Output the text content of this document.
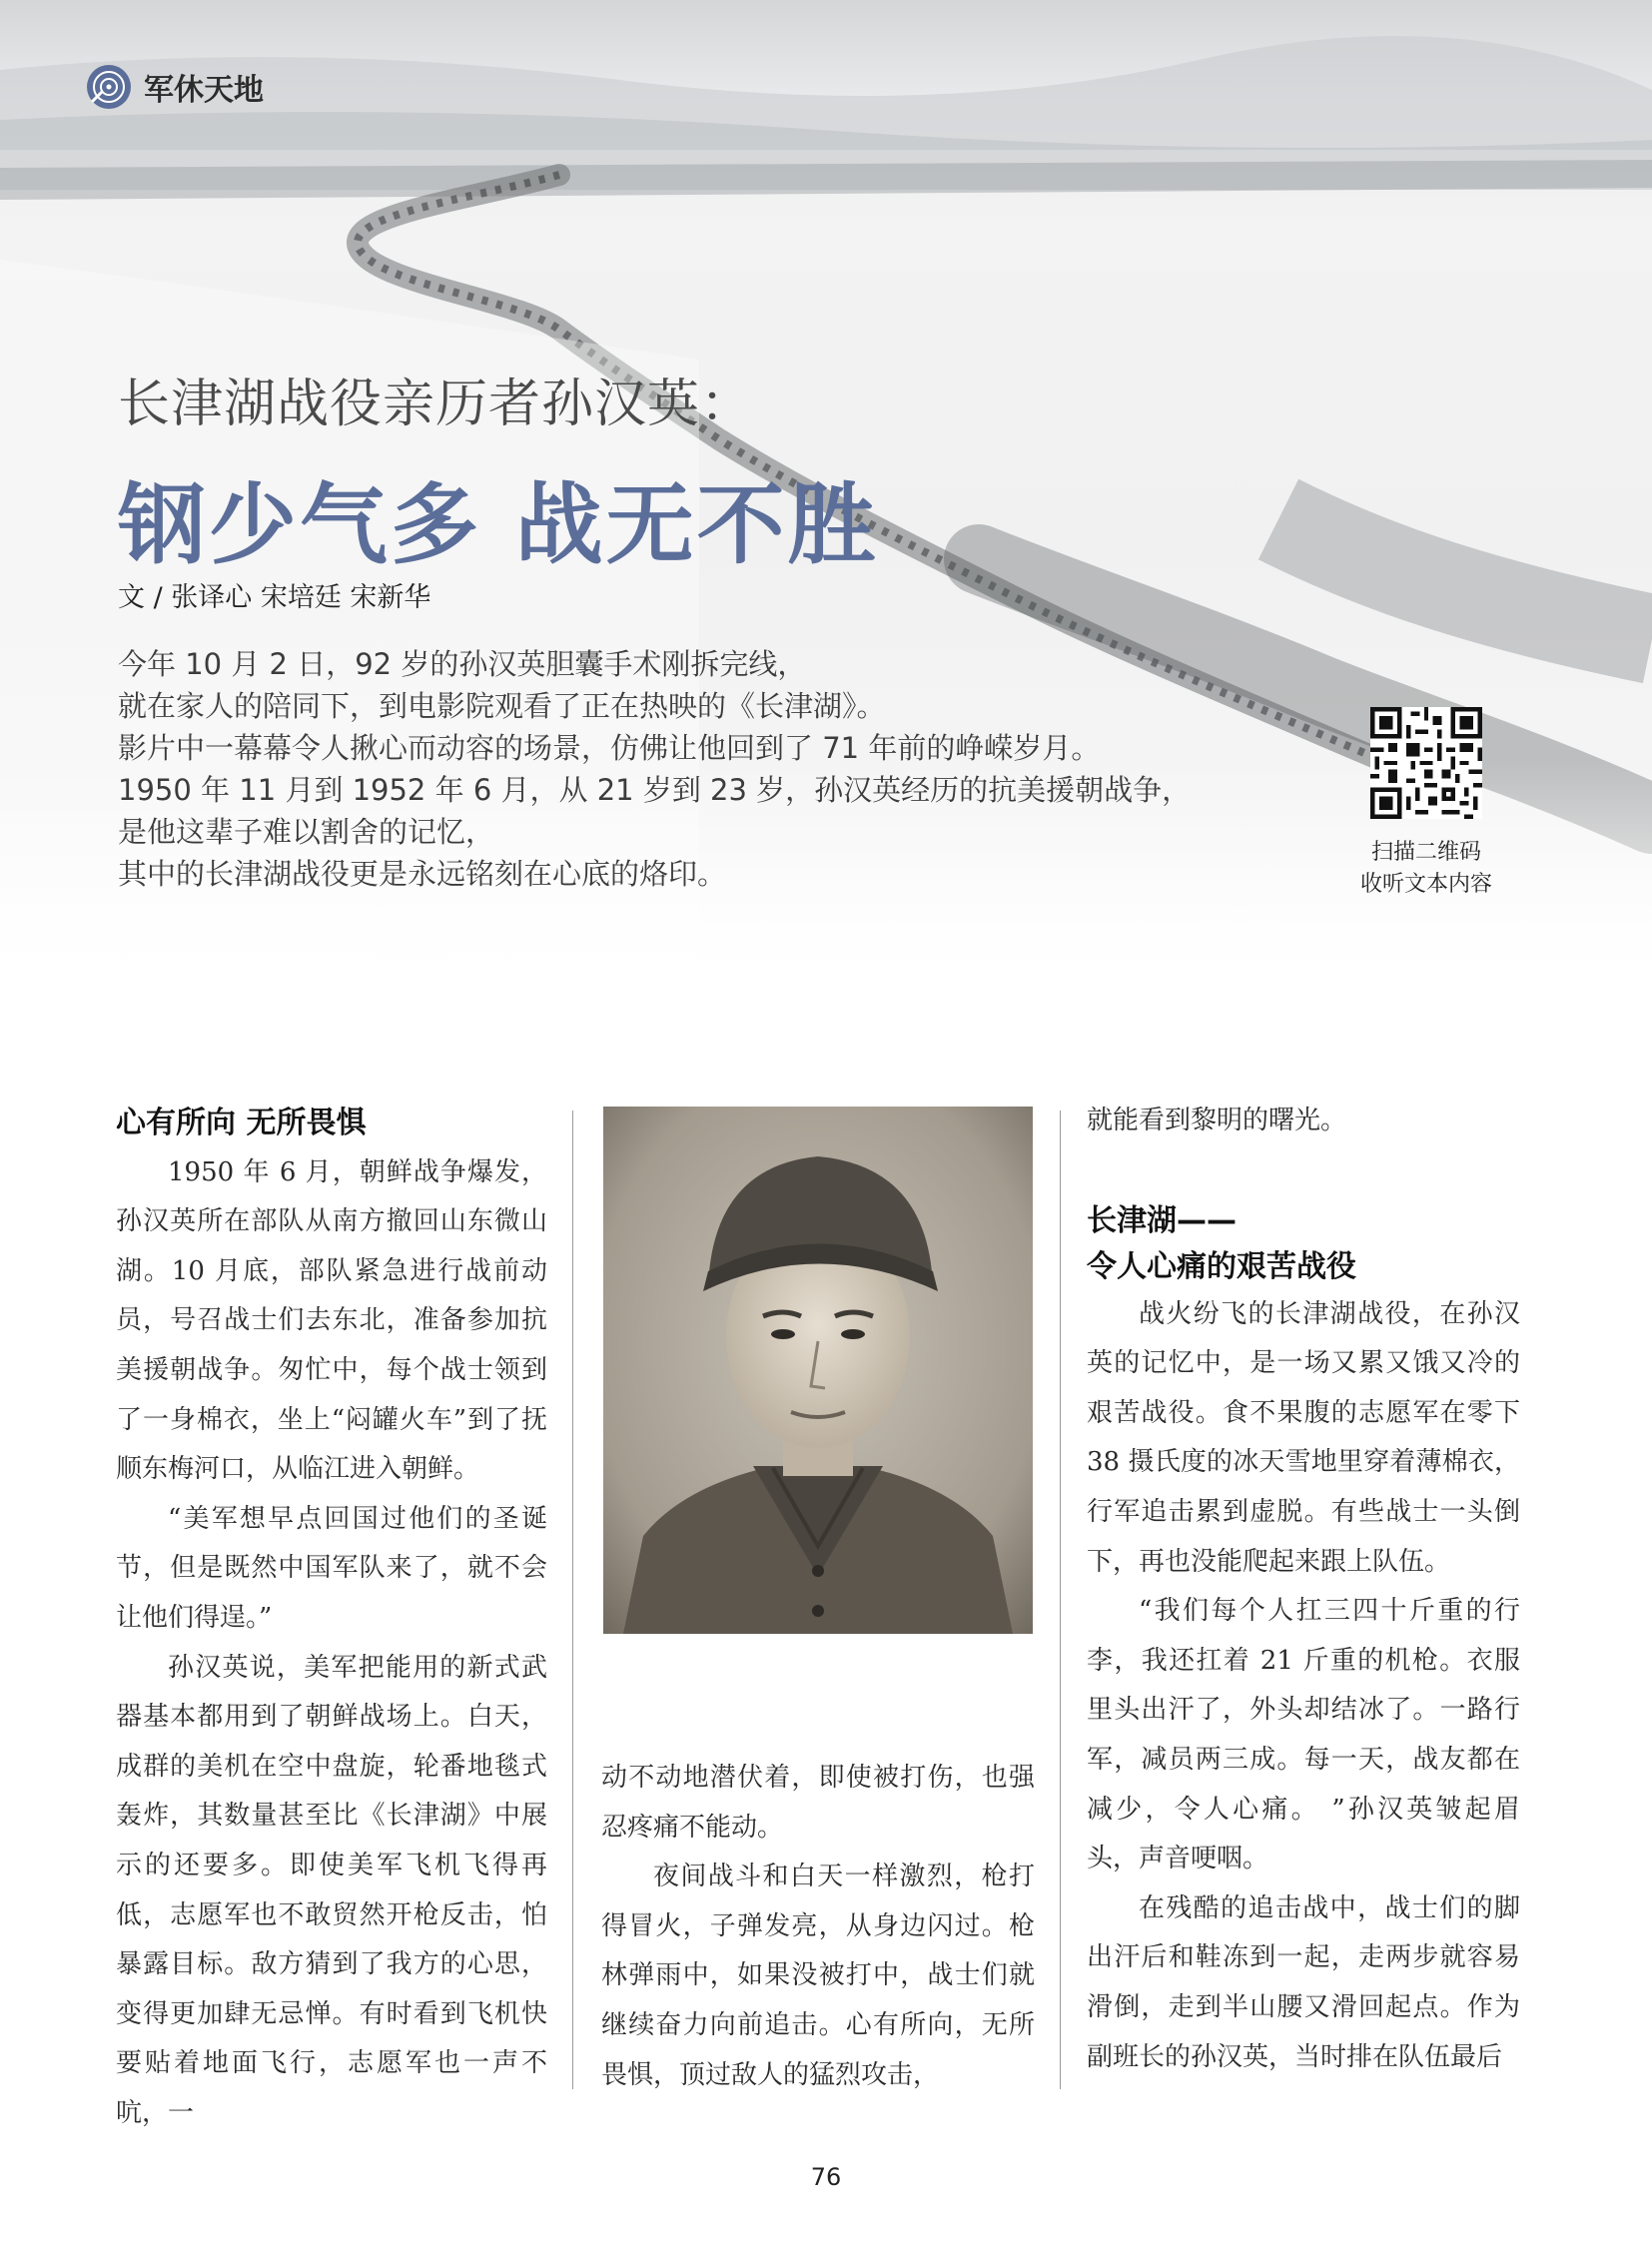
军休天地
长津湖战役亲历者孙汉英：
钢少气多 战无不胜
文 / 张译心 宋培廷 宋新华

今年 10 月 2 日，92 岁的孙汉英胆囊手术刚拆完线，

就在家人的陪同下，到电影院观看了正在热映的《长津湖》。

影片中一幕幕令人揪心而动容的场景，仿佛让他回到了 71 年前的峥嵘岁月。

1950 年 11 月到 1952 年 6 月，从 21 岁到 23 岁，孙汉英经历的抗美援朝战争，

是他这辈子难以割舍的记忆，

其中的长津湖战役更是永远铭刻在心底的烙印。

扫描二维码
收听文本内容
心有所向 无所畏惧

1950 年 6 月，朝鲜战争爆发，孙汉英所在部队从南方撤回山东微山湖。10 月底，部队紧急进行战前动员，号召战士们去东北，准备参加抗美援朝战争。匆忙中，每个战士领到了一身棉衣，坐上“闷罐火车”到了抚顺东梅河口，从临江进入朝鲜。

“美军想早点回国过他们的圣诞节，但是既然中国军队来了，就不会让他们得逞。”

孙汉英说，美军把能用的新式武器基本都用到了朝鲜战场上。白天，成群的美机在空中盘旋，轮番地毯式轰炸，其数量甚至比《长津湖》中展示的还要多。即使美军飞机飞得再低，志愿军也不敢贸然开枪反击，怕暴露目标。敌方猜到了我方的心思，变得更加肆无忌惮。有时看到飞机快要贴着地面飞行，志愿军也一声不吭，一

动不动地潜伏着，即使被打伤，也强忍疼痛不能动。

夜间战斗和白天一样激烈，枪打得冒火，子弹发亮，从身边闪过。枪林弹雨中，如果没被打中，战士们就继续奋力向前追击。心有所向，无所畏惧，顶过敌人的猛烈攻击，

就能看到黎明的曙光。

长津湖——
令人心痛的艰苦战役

战火纷飞的长津湖战役，在孙汉英的记忆中，是一场又累又饿又冷的艰苦战役。食不果腹的志愿军在零下 38 摄氏度的冰天雪地里穿着薄棉衣，行军追击累到虚脱。有些战士一头倒下，再也没能爬起来跟上队伍。

“我们每个人扛三四十斤重的行李，我还扛着 21 斤重的机枪。衣服里头出汗了，外头却结冰了。一路行军，减员两三成。每一天，战友都在减少，令人心痛。 ”孙汉英皱起眉头，声音哽咽。

在残酷的追击战中，战士们的脚出汗后和鞋冻到一起，走两步就容易滑倒，走到半山腰又滑回起点。作为副班长的孙汉英，当时排在队伍最后

76
